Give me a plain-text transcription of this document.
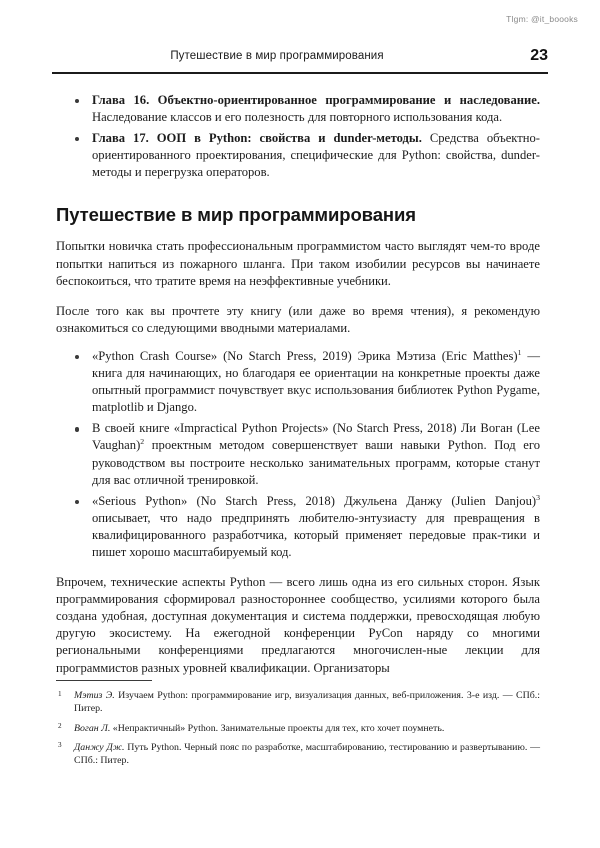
Tlgm: @it_boooks
Путешествие в мир программирования	23
Глава 16. Объектно-ориентированное программирование и наследование. Наследование классов и его полезность для повторного использования кода.
Глава 17. ООП в Python: свойства и dunder-методы. Средства объектно-ориентированного проектирования, специфические для Python: свойства, dunder-методы и перегрузка операторов.
Путешествие в мир программирования

Попытки новичка стать профессиональным программистом часто выглядят чем-то вроде попытки напиться из пожарного шланга. При таком изобилии ресурсов вы начинаете беспокоиться, что тратите время на неэффективные учебники.

После того как вы прочтете эту книгу (или даже во время чтения), я рекомендую ознакомиться со следующими вводными материалами.

«Python Crash Course» (No Starch Press, 2019) Эрика Мэтиза (Eric Matthes)$^1$ — книга для начинающих, но благодаря ее ориентации на конкретные проекты даже опытный программист почувствует вкус использования библиотек Python Pygame, matplotlib и Django.
В своей книге «Impractical Python Projects» (No Starch Press, 2018) Ли Воган (Lee Vaughan)$^2$ проектным методом совершенствует ваши навыки Python. Под его руководством вы построите несколько занимательных программ, которые станут для вас отличной тренировкой.
«Serious Python» (No Starch Press, 2018) Джульена Данжу (Julien Danjou)$^3$ описывает, что надо предпринять любителю-энтузиасту для превращения в квалифицированного разработчика, который применяет передовые прак-тики и пишет хорошо масштабируемый код.

Впрочем, технические аспекты Python — всего лишь одна из его сильных сторон. Язык программирования сформировал разностороннее сообщество, усилиями которого была создана удобная, доступная документация и система поддержки, превосходящая любую другую экосистему. На ежегодной конференции PyCon наряду со многими региональными конференциями предлагаются многочислен-ные лекции для программистов разных уровней квалификации. Организаторы

1 Мэтиз Э. Изучаем Python: программирование игр, визуализация данных, веб-приложения. 3-е изд. — СПб.: Питер.
2 Воган Л. «Непрактичный» Python. Занимательные проекты для тех, кто хочет поумнеть.
3 Данжу Дж. Путь Python. Черный пояс по разработке, масштабированию, тестированию и развертыванию. — СПб.: Питер.
